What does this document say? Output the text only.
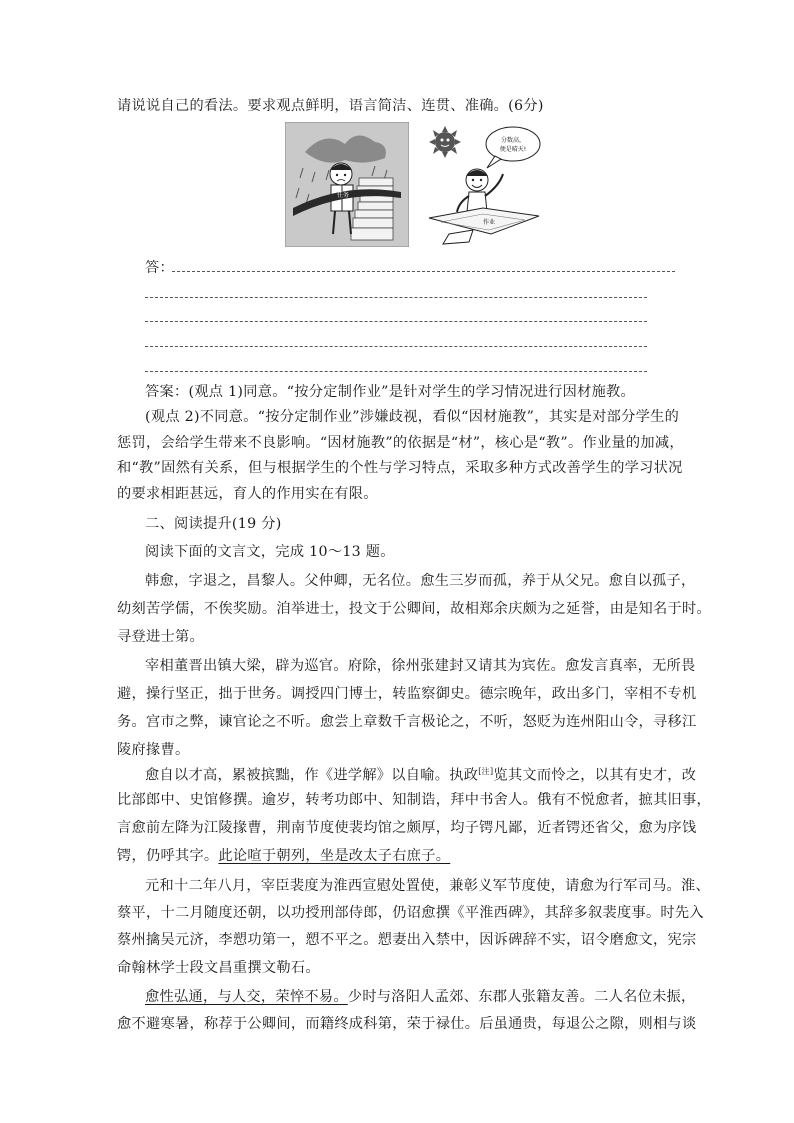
请说说自己的看法。要求观点鲜明，语言简洁、连贯、准确。(6分)
任务
分数高，
便是晴天!
作业
答：
答案：(观点 1)同意。“按分定制作业”是针对学生的学习情况进行因材施教。
(观点 2)不同意。“按分定制作业”涉嫌歧视，看似“因材施教”，其实是对部分学生的
惩罚，会给学生带来不良影响。“因材施教”的依据是“材”，核心是“教”。作业量的加减，
和“教”固然有关系，但与根据学生的个性与学习特点，采取多种方式改善学生的学习状况
的要求相距甚远，育人的作用实在有限。
二、阅读提升(19 分)
阅读下面的文言文，完成 10～13 题。
韩愈，字退之，昌黎人。父仲卿，无名位。愈生三岁而孤，养于从父兄。愈自以孤子，
幼刻苦学儒，不俟奖励。洎举进士，投文于公卿间，故相郑余庆颇为之延誉，由是知名于时。
寻登进士第。
宰相董晋出镇大梁，辟为巡官。府除，徐州张建封又请其为宾佐。愈发言真率，无所畏
避，操行坚正，拙于世务。调授四门博士，转监察御史。德宗晚年，政出多门，宰相不专机
务。宫市之弊，谏官论之不听。愈尝上章数千言极论之，不听，怒贬为连州阳山令，寻移江
陵府掾曹。
愈自以才高，累被摈黜，作《进学解》以自喻。执政[注]览其文而怜之，以其有史才，改
比部郎中、史馆修撰。逾岁，转考功郎中、知制诰，拜中书舍人。俄有不悦愈者，摭其旧事，
言愈前左降为江陵掾曹，荆南节度使裴均馆之颇厚，均子锷凡鄙，近者锷还省父，愈为序饯
锷，仍呼其字。此论喧于朝列，坐是改太子右庶子。
元和十二年八月，宰臣裴度为淮西宣慰处置使，兼彰义军节度使，请愈为行军司马。淮、
蔡平，十二月随度还朝，以功授刑部侍郎，仍诏愈撰《平淮西碑》，其辞多叙裴度事。时先入
蔡州擒吴元济，李愬功第一，愬不平之。愬妻出入禁中，因诉碑辞不实，诏令磨愈文，宪宗
命翰林学士段文昌重撰文勒石。
愈性弘通，与人交，荣悴不易。少时与洛阳人孟郊、东郡人张籍友善。二人名位未振，
愈不避寒暑，称荐于公卿间，而籍终成科第，荣于禄仕。后虽通贵，每退公之隙，则相与谈
